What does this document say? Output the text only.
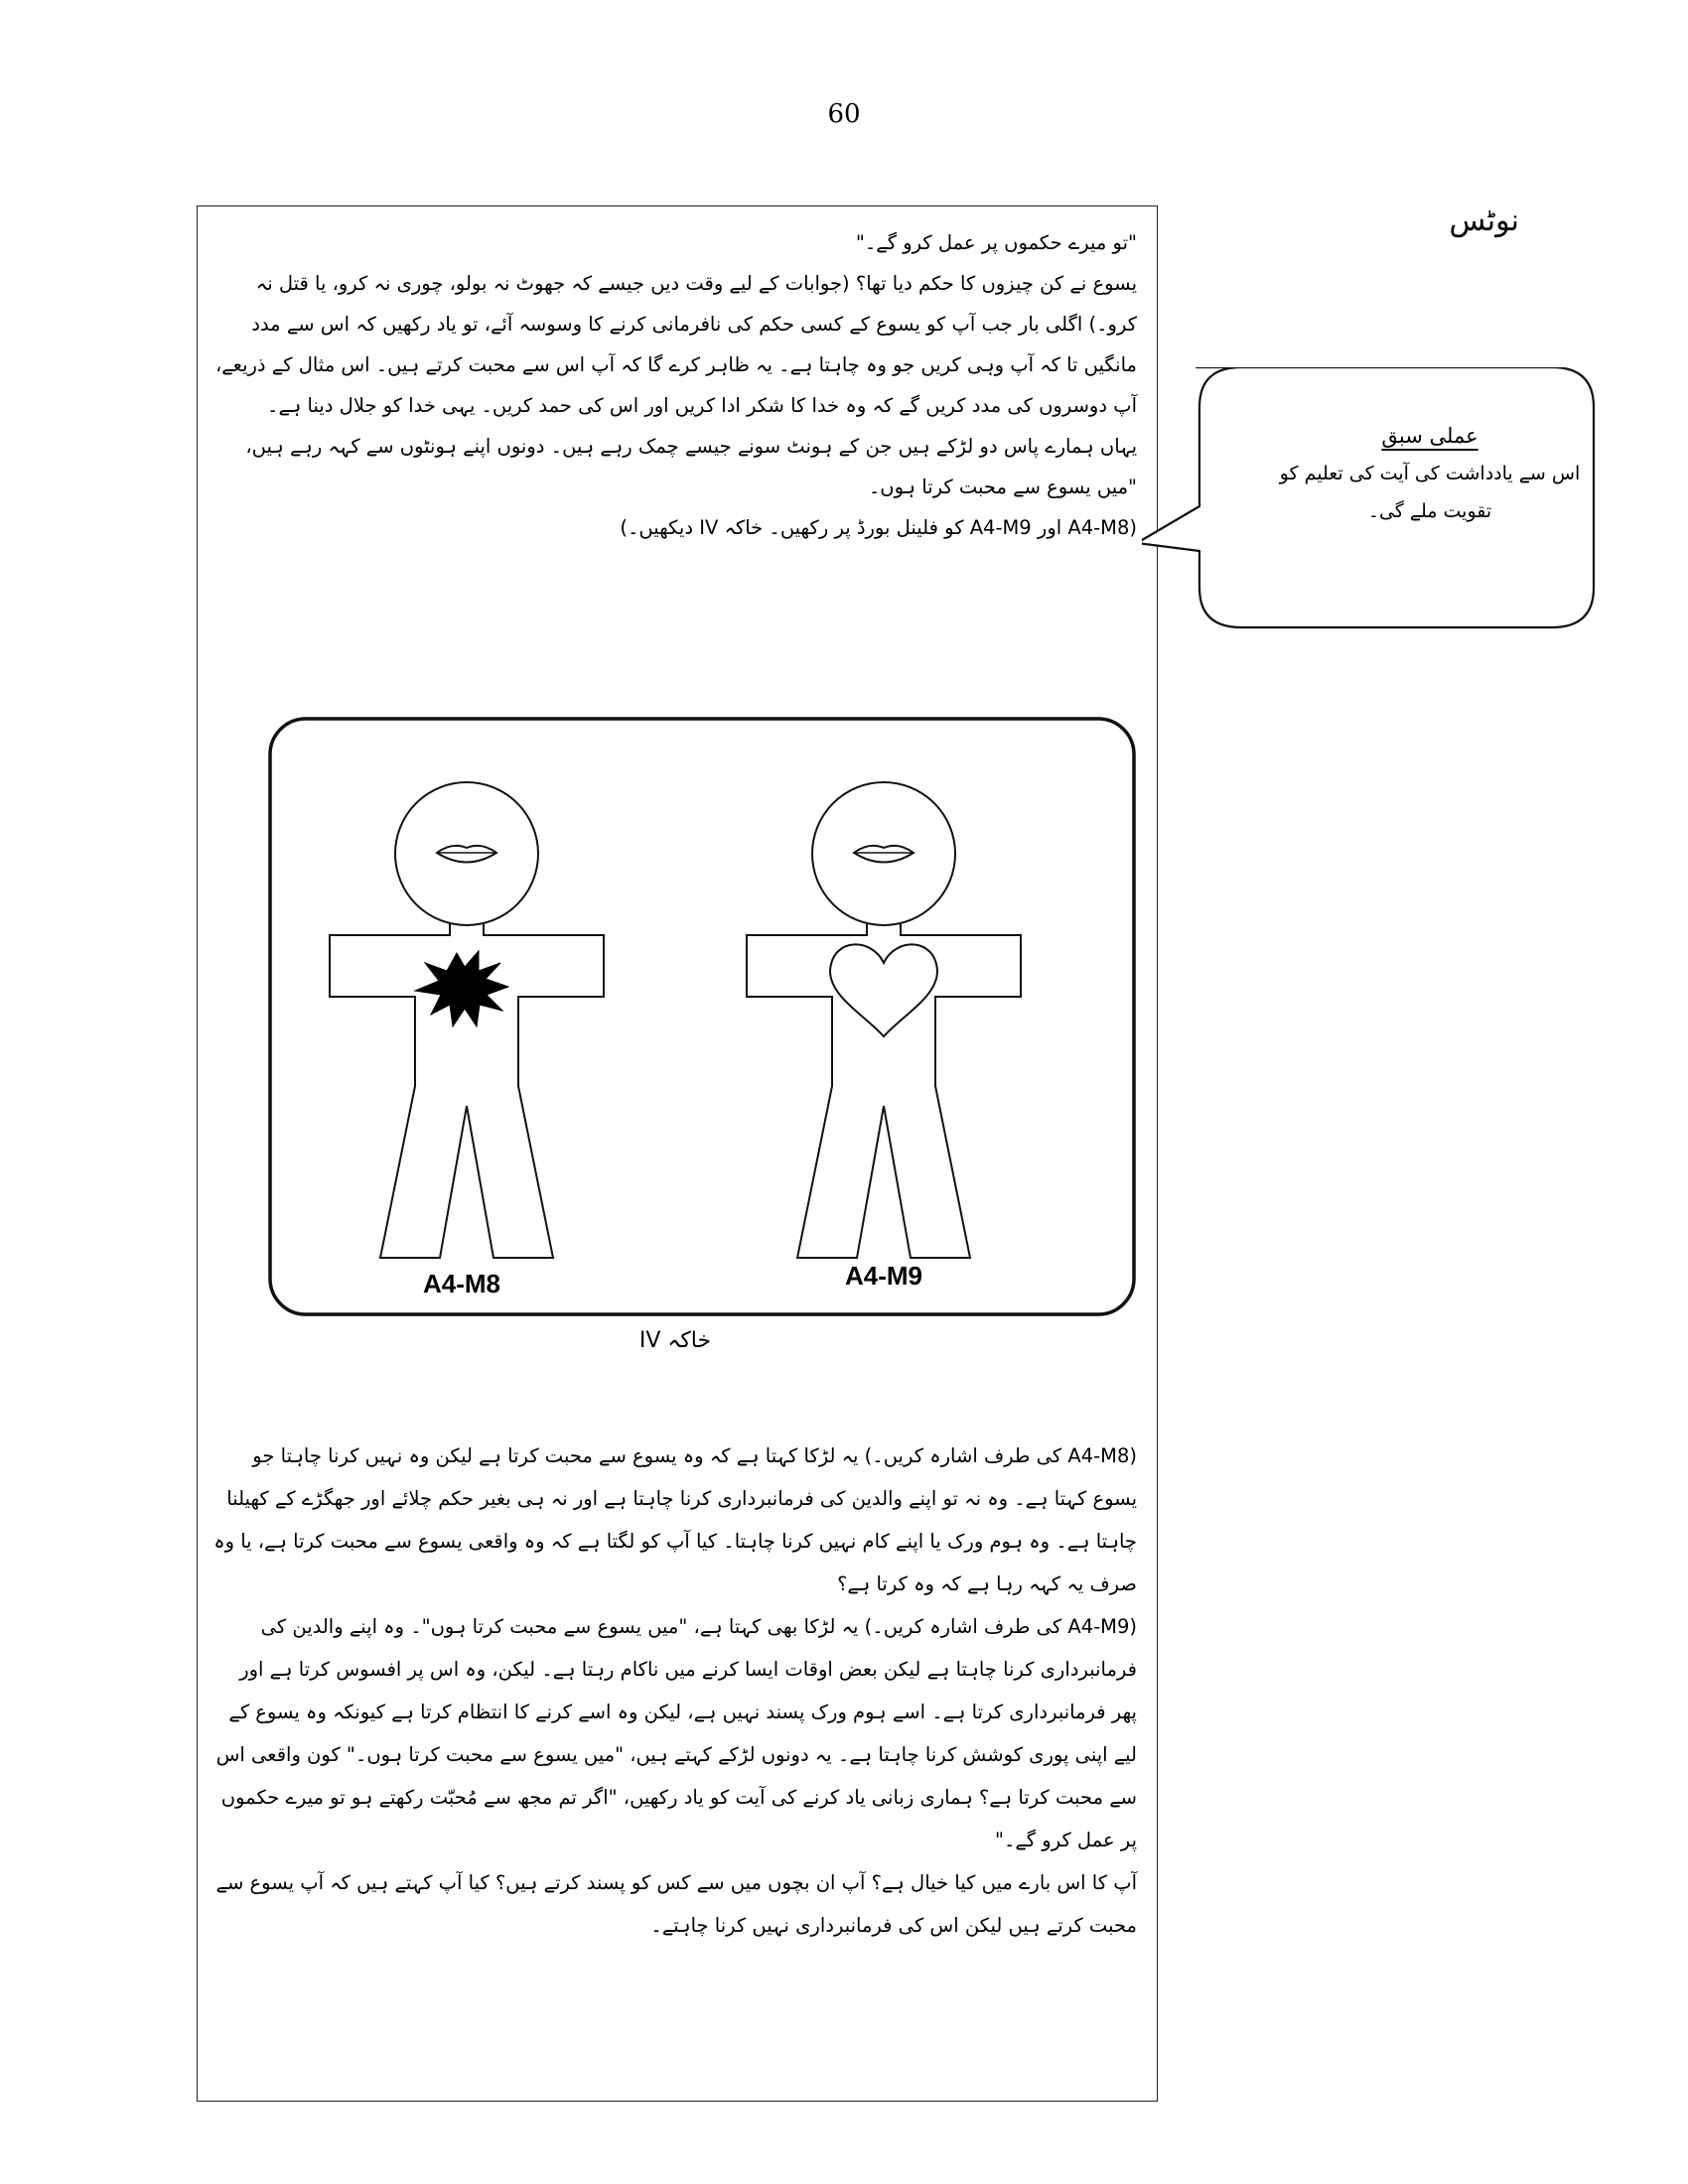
60
نوٹس

"تو میرے حکموں پر عمل کرو گے۔"

یسوع نے کن چیزوں کا حکم دیا تھا؟ (جوابات کے لیے وقت دیں جیسے کہ جھوٹ نہ بولو، چوری نہ کرو، یا قتل نہ کرو۔) اگلی بار جب آپ کو یسوع کے کسی حکم کی نافرمانی کرنے کا وسوسہ آئے، تو یاد رکھیں کہ اس سے مدد مانگیں تا کہ آپ وہی کریں جو وہ چاہتا ہے۔ یہ ظاہر کرے گا کہ آپ اس سے محبت کرتے ہیں۔ اس مثال کے ذریعے، آپ دوسروں کی مدد کریں گے کہ وہ خدا کا شکر ادا کریں اور اس کی حمد کریں۔ یہی خدا کو جلال دینا ہے۔

یہاں ہمارے پاس دو لڑکے ہیں جن کے ہونٹ سونے جیسے چمک رہے ہیں۔ دونوں اپنے ہونٹوں سے کہہ رہے ہیں، "میں یسوع سے محبت کرتا ہوں۔

(A4-M8 اور A4-M9 کو فلینل بورڈ پر رکھیں۔ خاکہ IV دیکھیں۔)

عملی سبق
اس سے یادداشت کی آیت کی تعلیم کو
تقویت ملے گی۔
A4-M8	A4-M9
خاکہ IV

(A4-M8 کی طرف اشارہ کریں۔) یہ لڑکا کہتا ہے کہ وہ یسوع سے محبت کرتا ہے لیکن وہ نہیں کرنا چاہتا جو یسوع کہتا ہے۔ وہ نہ تو اپنے والدین کی فرمانبرداری کرنا چاہتا ہے اور نہ ہی بغیر حکم چلائے اور جھگڑے کے کھیلنا چاہتا ہے۔ وہ ہوم ورک یا اپنے کام نہیں کرنا چاہتا۔ کیا آپ کو لگتا ہے کہ وہ واقعی یسوع سے محبت کرتا ہے، یا وہ صرف یہ کہہ رہا ہے کہ وہ کرتا ہے؟

(A4-M9 کی طرف اشارہ کریں۔) یہ لڑکا بھی کہتا ہے، "میں یسوع سے محبت کرتا ہوں"۔ وہ اپنے والدین کی فرمانبرداری کرنا چاہتا ہے لیکن بعض اوقات ایسا کرنے میں ناکام رہتا ہے۔ لیکن، وہ اس پر افسوس کرتا ہے اور پھر فرمانبرداری کرتا ہے۔ اسے ہوم ورک پسند نہیں ہے، لیکن وہ اسے کرنے کا انتظام کرتا ہے کیونکہ وہ یسوع کے لیے اپنی پوری کوشش کرنا چاہتا ہے۔ یہ دونوں لڑکے کہتے ہیں، "میں یسوع سے محبت کرتا ہوں۔" کون واقعی اس سے محبت کرتا ہے؟ ہماری زبانی یاد کرنے کی آیت کو یاد رکھیں، "اگر تم مجھ سے مُحبّت رکھتے ہو تو میرے حکموں پر عمل کرو گے۔"

آپ کا اس بارے میں کیا خیال ہے؟ آپ ان بچوں میں سے کس کو پسند کرتے ہیں؟ کیا آپ کہتے ہیں کہ آپ یسوع سے محبت کرتے ہیں لیکن اس کی فرمانبرداری نہیں کرنا چاہتے۔
